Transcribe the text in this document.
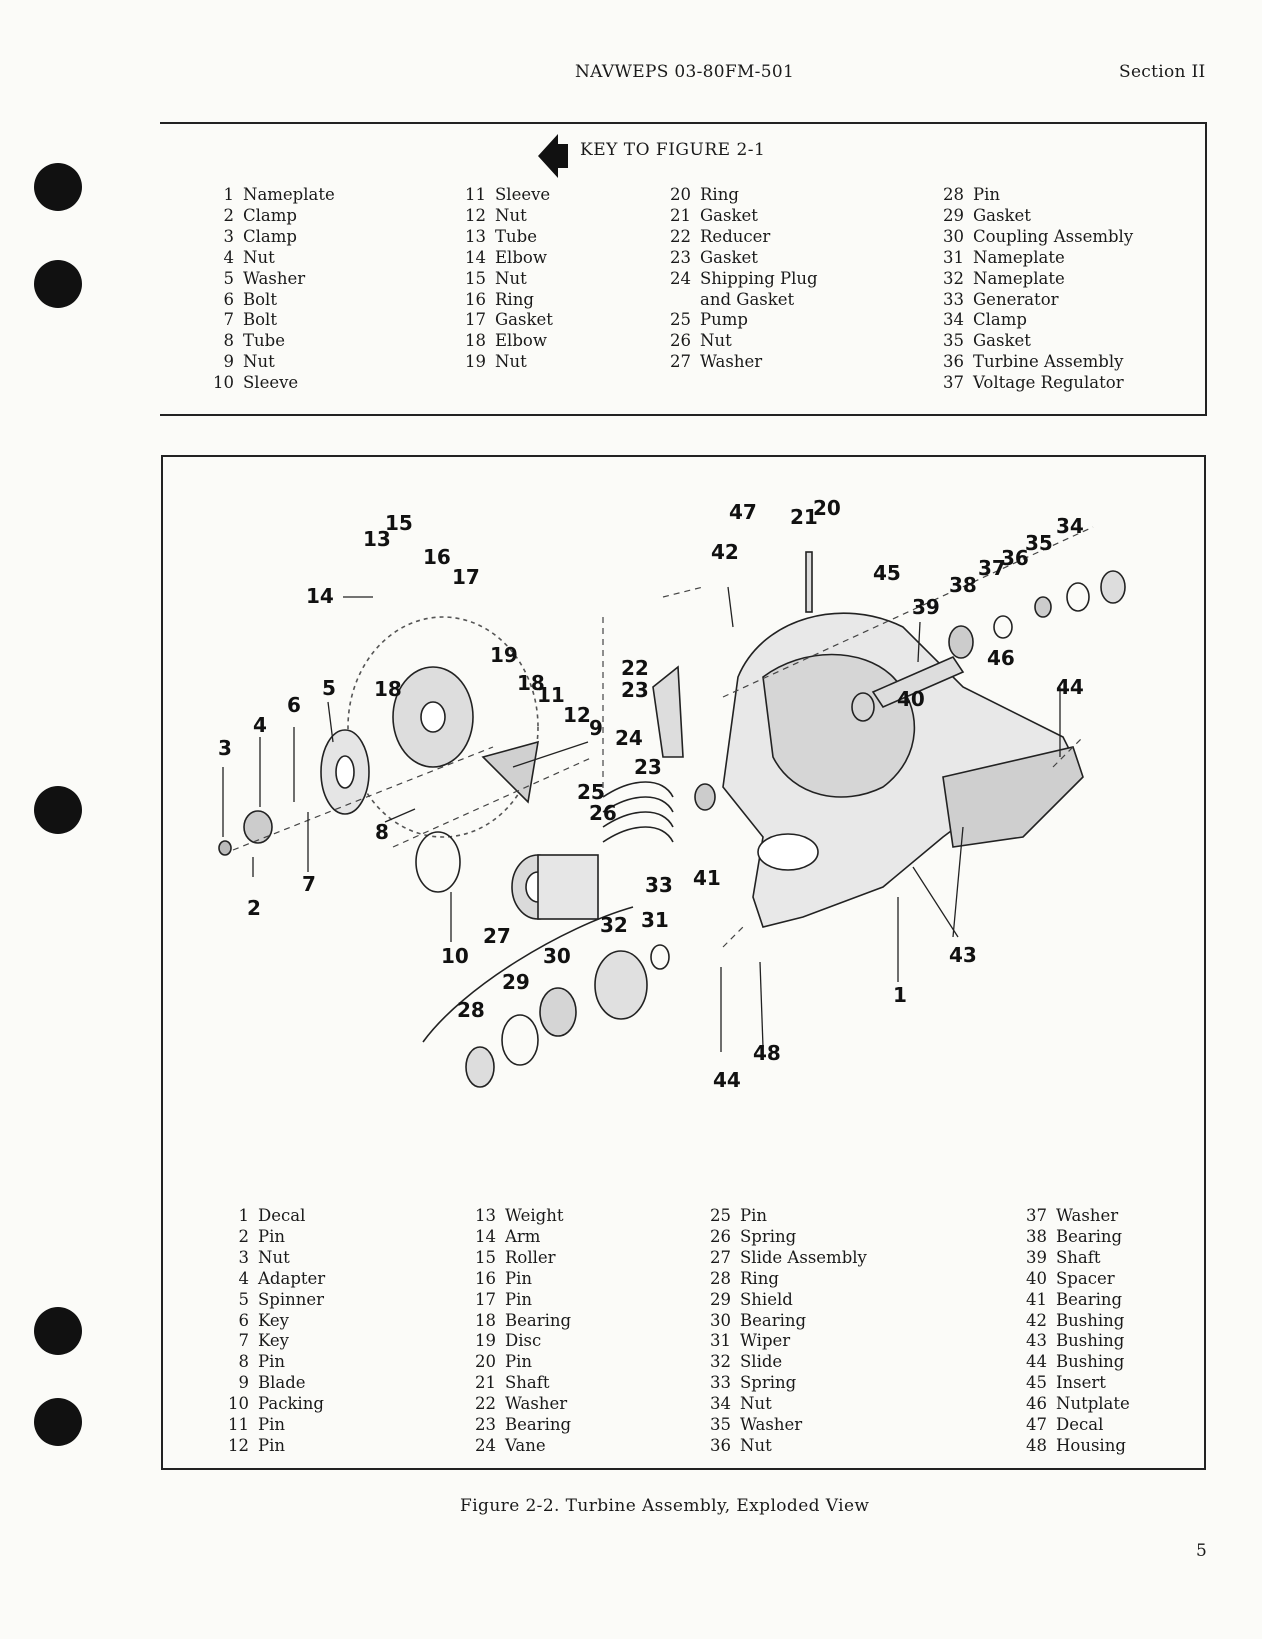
NAVWEPS 03-80FM-501	Section II
KEY TO FIGURE 2-1
1 Nameplate
2 Clamp
3 Clamp
4 Nut
5 Washer
6 Bolt
7 Bolt
8 Tube
9 Nut
10 Sleeve
11 Sleeve
12 Nut
13 Tube
14 Elbow
15 Nut
16 Ring
17 Gasket
18 Elbow
19 Nut
20 Ring
21 Gasket
22 Reducer
23 Gasket
24 Shipping Plug
and Gasket
25 Pump
26 Nut
27 Washer
28 Pin
29 Gasket
30 Coupling Assembly
31 Nameplate
32 Nameplate
33 Generator
34 Clamp
35 Gasket
36 Turbine Assembly
37 Voltage Regulator
3
4
5
6
7
2
8
10
13
15
14
16
17
18
19
18
11
12
9
25
26
33 41
27	32 31
30
29
28
22
23
24
23
47
42
21
20
45
39
38
37
36
35
34
46
40	44
43
1
48
44
1 Decal
2 Pin
3 Nut
4 Adapter
5 Spinner
6 Key
7 Key
8 Pin
9 Blade
10 Packing
11 Pin
12 Pin
13 Weight
14 Arm
15 Roller
16 Pin
17 Pin
18 Bearing
19 Disc
20 Pin
21 Shaft
22 Washer
23 Bearing
24 Vane
25 Pin
26 Spring
27 Slide Assembly
28 Ring
29 Shield
30 Bearing
31 Wiper
32 Slide
33 Spring
34 Nut
35 Washer
36 Nut
37 Washer
38 Bearing
39 Shaft
40 Spacer
41 Bearing
42 Bushing
43 Bushing
44 Bushing
45 Insert
46 Nutplate
47 Decal
48 Housing
Figure 2-2. Turbine Assembly, Exploded View
5
